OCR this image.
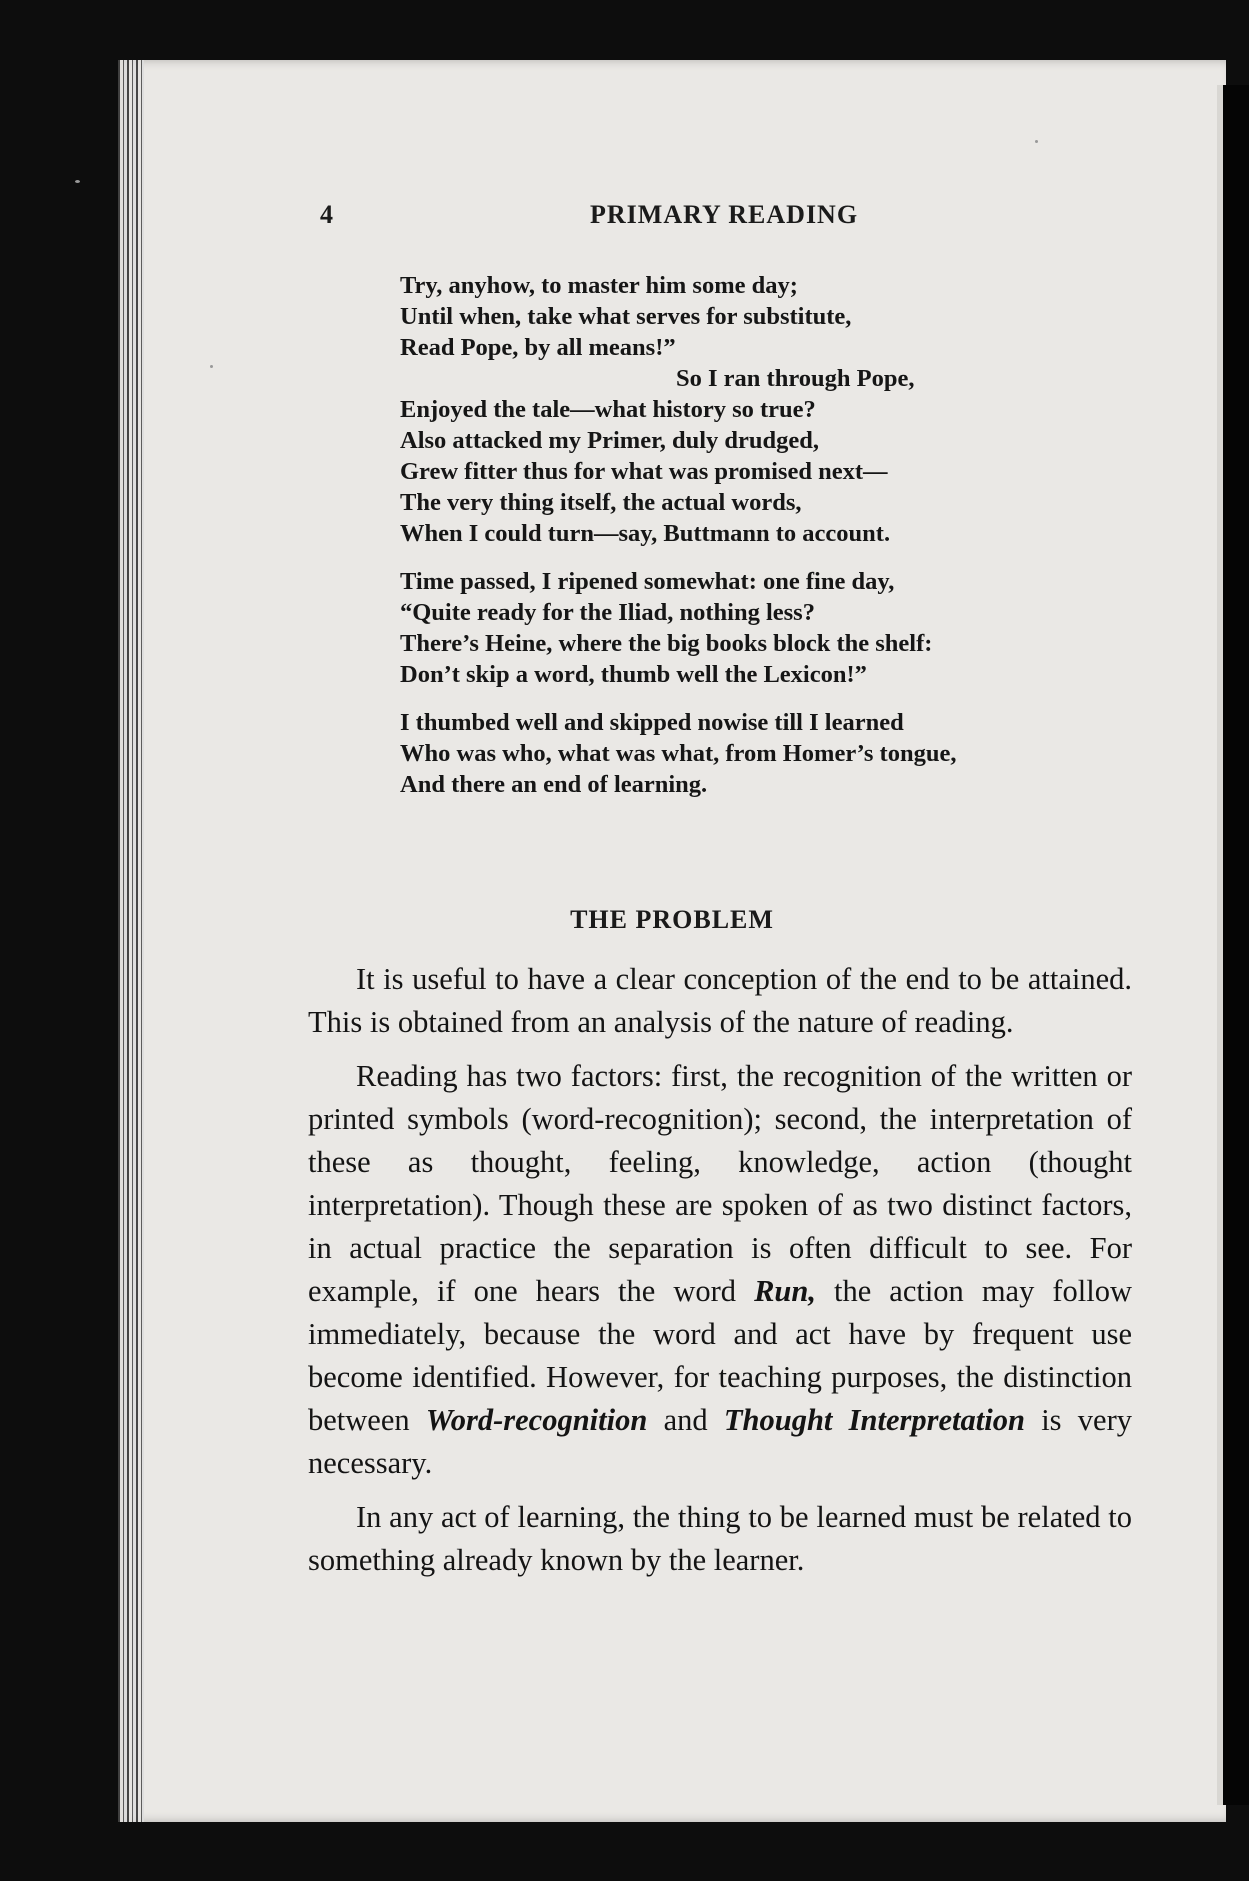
4	PRIMARY READING
Try, anyhow, to master him some day;
Until when, take what serves for substitute,
Read Pope, by all means!”
So I ran through Pope,
Enjoyed the tale—what history so true?
Also attacked my Primer, duly drudged,
Grew fitter thus for what was promised next—
The very thing itself, the actual words,
When I could turn—say, Buttmann to account.
Time passed, I ripened somewhat: one fine day,
“Quite ready for the Iliad, nothing less?
There’s Heine, where the big books block the shelf:
Don’t skip a word, thumb well the Lexicon!”
I thumbed well and skipped nowise till I learned
Who was who, what was what, from Homer’s tongue,
And there an end of learning.
THE PROBLEM

It is useful to have a clear conception of the end to be attained. This is obtained from an analysis of the nature of reading.

Reading has two factors: first, the recognition of the written or printed symbols (word-recognition); second, the interpretation of these as thought, feeling, knowledge, action (thought interpretation). Though these are spoken of as two distinct factors, in actual practice the separation is often difficult to see. For example, if one hears the word Run, the action may follow immediately, because the word and act have by frequent use become identified. However, for teaching purposes, the distinction between Word-recognition and Thought Interpretation is very necessary.

In any act of learning, the thing to be learned must be related to something already known by the learner.
